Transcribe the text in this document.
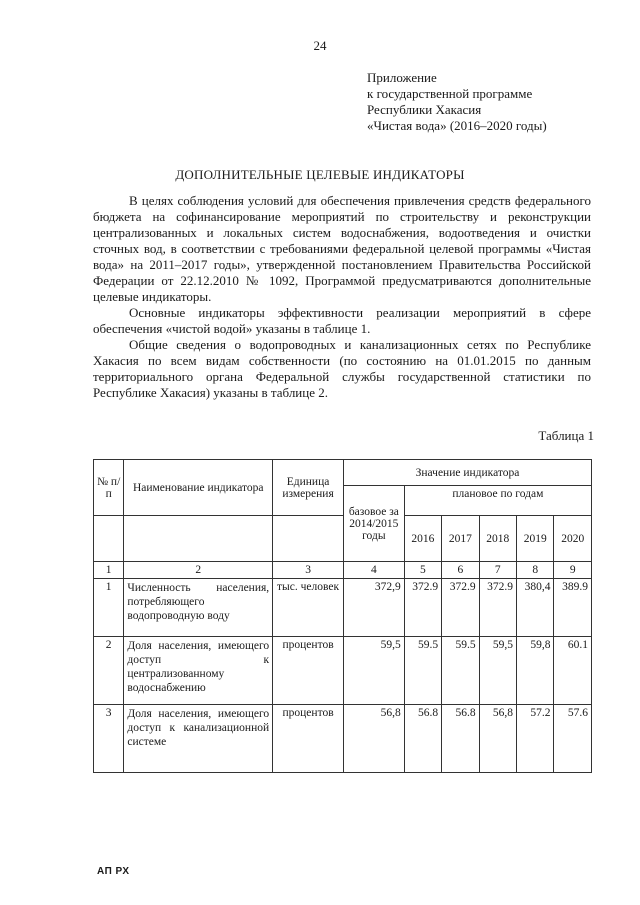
24
Приложение
к государственной программе
Республики Хакасия
«Чистая вода» (2016–2020 годы)
ДОПОЛНИТЕЛЬНЫЕ ЦЕЛЕВЫЕ ИНДИКАТОРЫ

В целях соблюдения условий для обеспечения привлечения средств федерального бюджета на софинансирование мероприятий по строительству и реконструкции централизованных и локальных систем водоснабжения, водоотведения и очистки сточных вод, в соответствии с требованиями федеральной целевой программы «Чистая вода» на 2011–2017 годы», утвержденной постановлением Правительства Российской Федерации от 22.12.2010 № 1092, Программой предусматриваются дополнительные целевые индикаторы.

Основные индикаторы эффективности реализации мероприятий в сфере обеспечения «чистой водой» указаны в таблице 1.

Общие сведения о водопроводных и канализационных сетях по Республике Хакасия по всем видам собственности (по состоянию на 01.01.2015 по данным территориального органа Федеральной службы государственной статистики по Республике Хакасия) указаны в таблице 2.

Таблица 1
№ п/п	Наименование индикатора	Единица измерения	Значение индикатора					
			базовое за 2014/2015 годы	плановое по годам				
				2016	2017	2018	2019	2020
1	2	3	4	5	6	7	8	9
1	Численность населения, потребляющего водопроводную воду	тыс. человек	372,9	372.9	372.9	372.9	380,4	389.9
2	Доля населения, имеющего доступ к централизованному водоснабжению	процентов	59,5	59.5	59.5	59,5	59,8	60.1
3	Доля населения, имеющего доступ к канализационной системе	процентов	56,8	56.8	56.8	56,8	57.2	57.6
АП РХ
